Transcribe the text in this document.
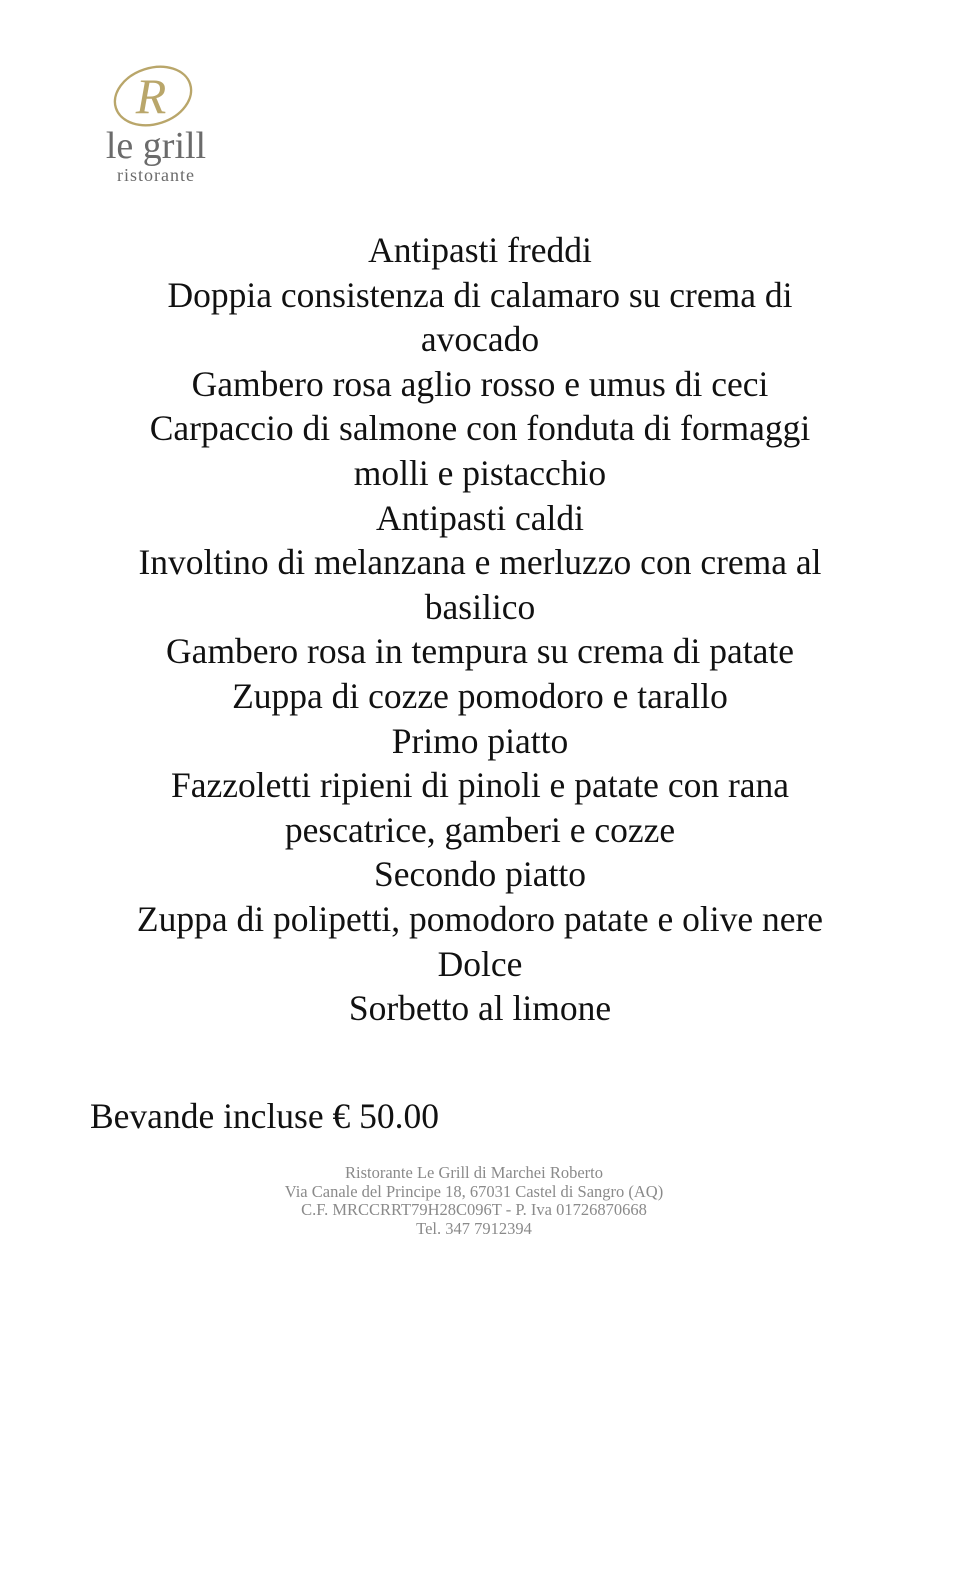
R
le grill
ristorante
Antipasti freddi
Doppia consistenza di calamaro su crema di
avocado
Gambero rosa aglio rosso e umus di ceci
Carpaccio di salmone con fonduta di formaggi
molli e pistacchio
Antipasti caldi
Involtino di melanzana e merluzzo con crema al
basilico
Gambero rosa in tempura su crema di patate
Zuppa di cozze pomodoro e tarallo
Primo piatto
Fazzoletti ripieni di pinoli e patate con rana
pescatrice, gamberi e cozze
Secondo piatto
Zuppa di polipetti, pomodoro patate e olive nere
Dolce
Sorbetto al limone
Bevande incluse € 50.00
Ristorante Le Grill di Marchei Roberto
Via Canale del Principe 18, 67031 Castel di Sangro (AQ)
C.F. MRCCRRT79H28C096T - P. Iva 01726870668
Tel. 347 7912394
